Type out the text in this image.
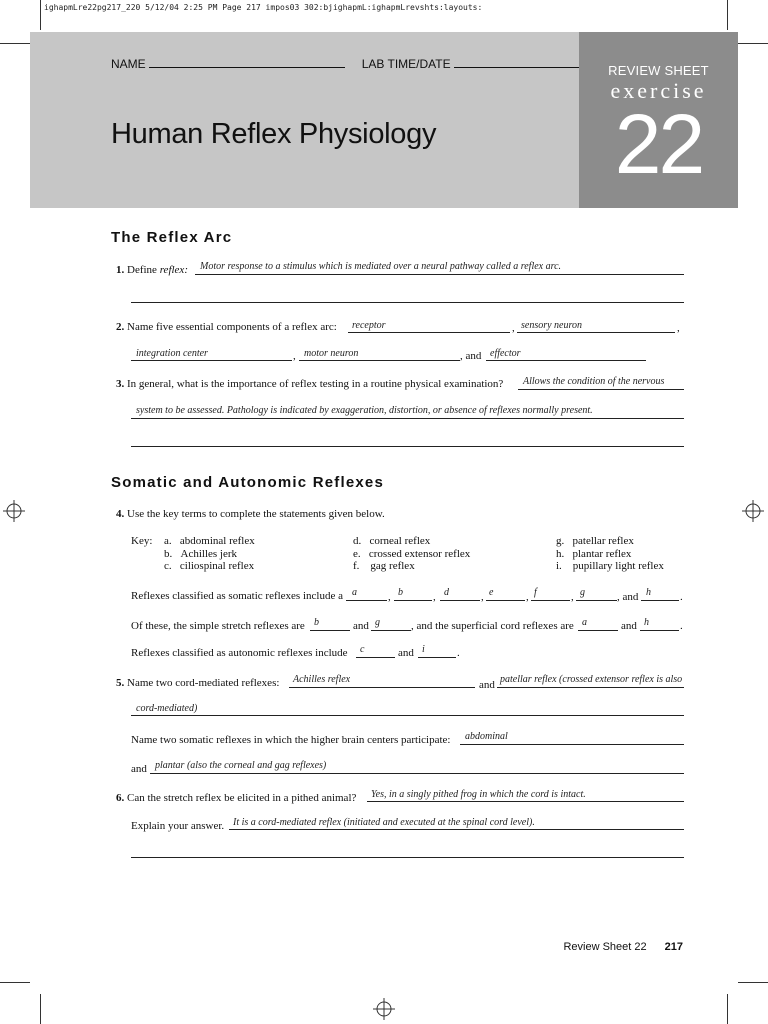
ighapmLre22pg217_220 5/12/04 2:25 PM Page 217 impos03 302:bjighapmL:ighapmLrevshts:layouts:
NAME	LAB TIME/DATE
Human Reflex Physiology
REVIEW SHEET
exercise
22
The Reflex Arc
1. Define reflex: Motor response to a stimulus which is mediated over a neural pathway called a reflex arc.
2. Name five essential components of a reflex arc: receptor	, sensory neuron	,
integration center	, motor neuron	, and effector
3. In general, what is the importance of reflex testing in a routine physical examination? Allows the condition of the nervous
system to be assessed. Pathology is indicated by exaggeration, distortion, or absence of reflexes normally present.
Somatic and Autonomic Reflexes
4. Use the key terms to complete the statements given below.
Key: a.   abdominal reflex
b.   Achilles jerk
c.   ciliospinal reflex
d.   corneal reflex
e.   crossed extensor reflex
f.    gag reflex
g.   patellar reflex
h.   plantar reflex
i.    pupillary light reflex
Reflexes classified as somatic reflexes include a a	, b	, d	, e	, f	, g	, and h	.
Of these, the simple stretch reflexes are b	and g	, and the superficial cord reflexes are a	and h	.
Reflexes classified as autonomic reflexes include c	and i	.
5. Name two cord-mediated reflexes: Achilles reflex	and patellar reflex (crossed extensor reflex is also
cord-mediated)
Name two somatic reflexes in which the higher brain centers participate: abdominal
and plantar (also the corneal and gag reflexes)
6. Can the stretch reflex be elicited in a pithed animal? Yes, in a singly pithed frog in which the cord is intact.
Explain your answer. It is a cord-mediated reflex (initiated and executed at the spinal cord level).
Review Sheet 22 217
